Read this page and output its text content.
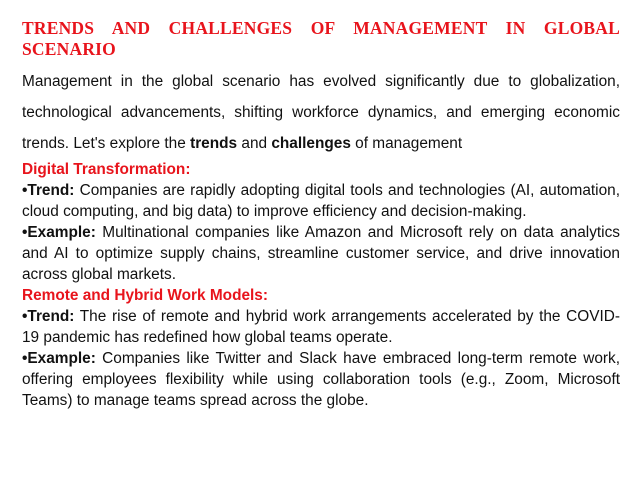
TRENDS AND CHALLENGES OF MANAGEMENT IN GLOBAL SCENARIO

Management in the global scenario has evolved significantly due to globalization, technological advancements, shifting workforce dynamics, and emerging economic trends. Let's explore the trends and challenges of management

Digital Transformation:

•Trend: Companies are rapidly adopting digital tools and technologies (AI, automation, cloud computing, and big data) to improve efficiency and decision-making.

•Example: Multinational companies like Amazon and Microsoft rely on data analytics and AI to optimize supply chains, streamline customer service, and drive innovation across global markets.

Remote and Hybrid Work Models:

•Trend: The rise of remote and hybrid work arrangements accelerated by the COVID-19 pandemic has redefined how global teams operate.

•Example: Companies like Twitter and Slack have embraced long-term remote work, offering employees flexibility while using collaboration tools (e.g., Zoom, Microsoft Teams) to manage teams spread across the globe.
